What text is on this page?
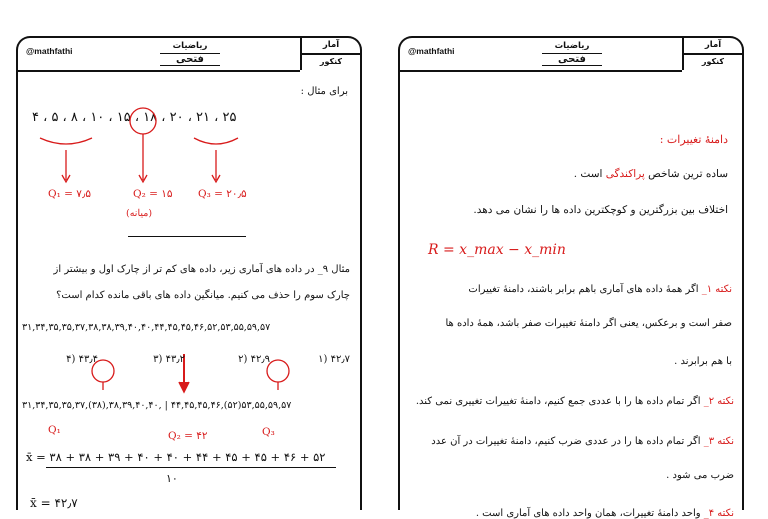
@mathfathi	ریاضیات
فتحی
آمار
کنکور
برای مثال :
۴ ، ۵ ، ۸ ، ۱۰ ، ۱۵ ، ۱۸ ، ۲۰ ، ۲۱ ، ۲۵
Q₁ = ۷٫۵	Q₂ = ۱۵ Q₃ = ۲۰٫۵
(میانه)
مثال ۹_ در داده های آماری زیر، داده های کم تر از چارک اول و بیشتر از
چارک سوم را حذف می کنیم. میانگین داده های باقی مانده کدام است؟
۳۱,۳۴,۳۵,۳۵,۳۷,۳۸,۳۸,۳۹,۴۰,۴۰,۴۴,۴۵,۴۵,۴۶,۵۲,۵۳,۵۵,۵۹,۵۷
۱) ۴۲٫۷
۲) ۴۲٫۹
۳) ۴۳٫۲
۴) ۴۳٫۴
۳۱,۳۴,۳۵,۳۵,۳۷,(۳۸),۳۸,۳۹,۴۰,۴۰, | ۴۴,۴۵,۴۵,۴۶,(۵۲)۵۳,۵۵,۵۹,۵۷
Q₁	Q₂ = ۴۲	Q₃
x̄ = ۳۸ + ۳۸ + ۳۹ + ۴۰ + ۴۰ + ۴۴ + ۴۵ + ۴۵ + ۴۶ + ۵۲
۱۰
x̄ = ۴۲٫۷
@mathfathi	ریاضیات
فتحی
آمار
کنکور
دامنهٔ تغییرات :
ساده ترین شاخص پراکندگی است .
اختلاف بین بزرگترین و کوچکترین داده ها را نشان می دهد.
R = x_max − x_min
نکته ۱_ اگر همهٔ داده های آماری باهم برابر باشند، دامنهٔ تغییرات
صفر است و برعکس، یعنی اگر دامنهٔ تغییرات صفر باشد، همهٔ داده ها
با هم برابرند .
نکته ۲_ اگر تمام داده ها را با عددی جمع کنیم، دامنهٔ تغییرات تغییری نمی کند.
نکته ۳_ اگر تمام داده ها را در عددی ضرب کنیم، دامنهٔ تغییرات در آن عدد
ضرب می شود .
نکته ۴_ واحد دامنهٔ تغییرات، همان واحد داده های آماری است .
